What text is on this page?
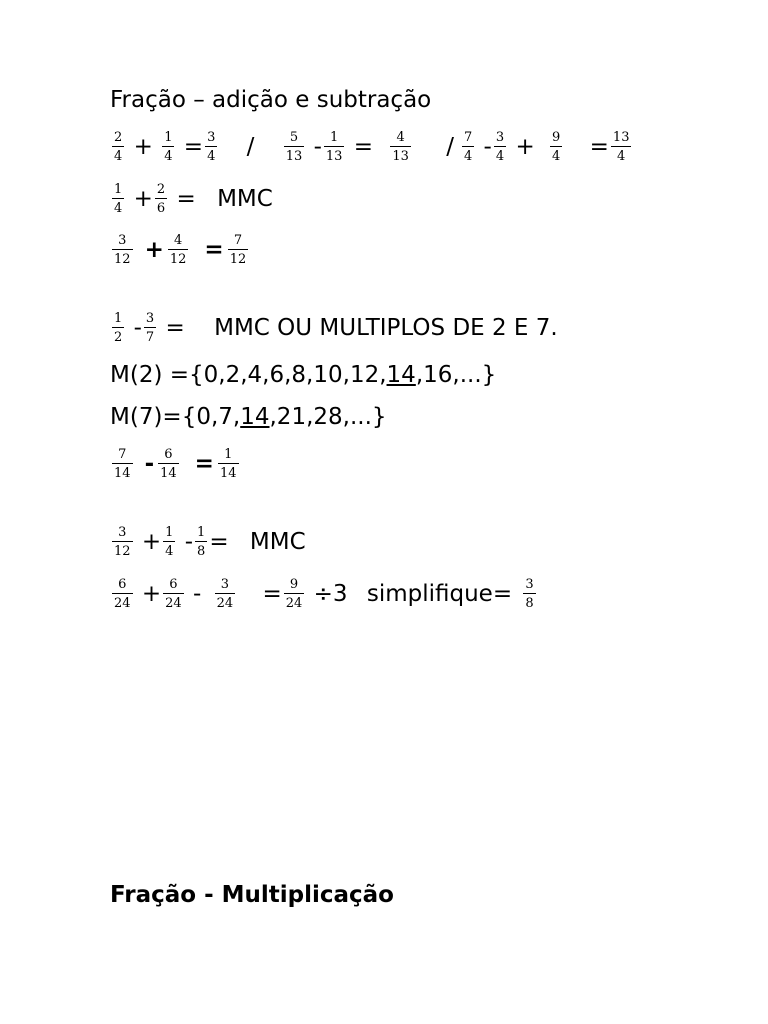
Fração – adição e subtração
$\frac{2}{4} + \frac{1}{4} = \frac{3}{4} / \frac{5}{13} - \frac{1}{13} = \frac{4}{13} / \frac{7}{4} - \frac{3}{4} + \frac{9}{4} = \frac{13}{4}$
$\frac{1}{4} + \frac{2}{6}$ = MMC
$\frac{3}{12} + \frac{4}{12} = \frac{7}{12}$
$\frac{1}{2} - \frac{3}{7}$ = MMC OU MULTIPLOS DE 2 E 7.
M(2) ={0,2,4,6,8,10,12,14,16,...}
M(7)={0,7,14,21,28,...}
$\frac{7}{14} - \frac{6}{14} = \frac{1}{14}$
$\frac{3}{12} + \frac{1}{4} - \frac{1}{8}$ = MMC
$\frac{6}{24} + \frac{6}{24} - \frac{3}{24} = \frac{9}{24} \div 3$ simplifique= $\frac{3}{8}$
Fração - Multiplicação
